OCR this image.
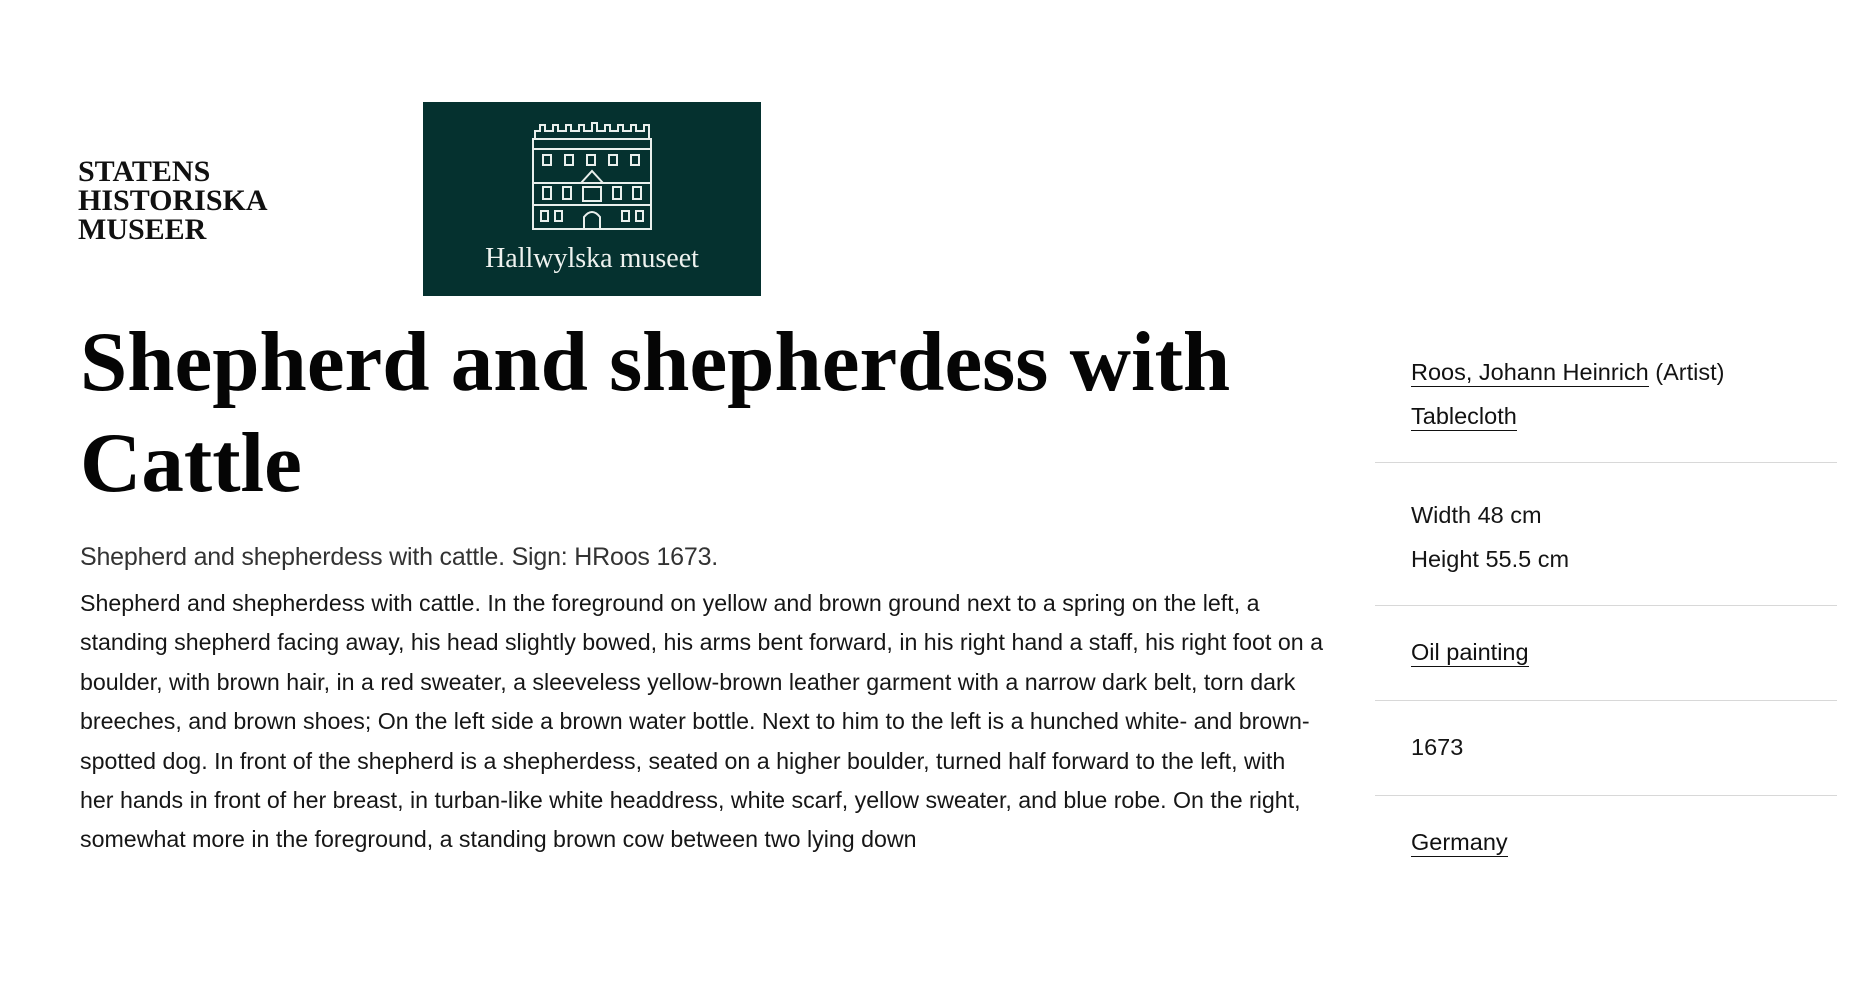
STATENS
HISTORISKA
MUSEER
Hallwylska museet
Shepherd and shepherdess with Cattle

Shepherd and shepherdess with cattle. Sign: HRoos 1673.

Shepherd and shepherdess with cattle. In the foreground on yellow and brown ground next to a spring on the left, a standing shepherd facing away, his head slightly bowed, his arms bent forward, in his right hand a staff, his right foot on a boulder, with brown hair, in a red sweater, a sleeveless yellow-brown leather garment with a narrow dark belt, torn dark breeches, and brown shoes; On the left side a brown water bottle. Next to him to the left is a hunched white- and brown-spotted dog. In front of the shepherd is a shepherdess, seated on a higher boulder, turned half forward to the left, with her hands in front of her breast, in turban-like white headdress, white scarf, yellow sweater, and blue robe. On the right, somewhat more in the foreground, a standing brown cow between two lying down

Roos, Johann Heinrich (Artist)
Tablecloth
Width 48 cm
Height 55.5 cm
Oil painting
1673
Germany
